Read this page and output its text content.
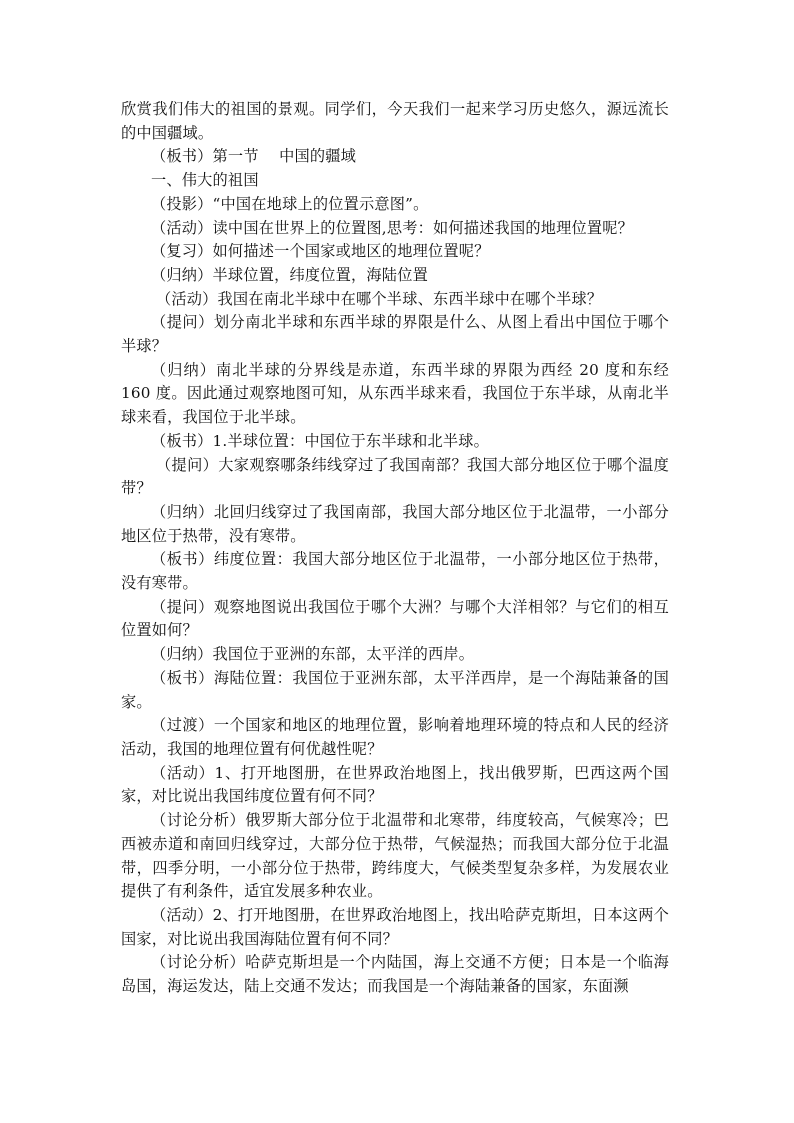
欣赏我们伟大的祖国的景观。同学们，今天我们一起来学习历史悠久，源远流长的中国疆域。

（板书）第一节　 中国的疆域

一、伟大的祖国

（投影）“中国在地球上的位置示意图”。

（活动）读中国在世界上的位置图,思考：如何描述我国的地理位置呢？

（复习）如何描述一个国家或地区的地理位置呢？

（归纳）半球位置，纬度位置，海陆位置

（活动）我国在南北半球中在哪个半球、东西半球中在哪个半球？

（提问）划分南北半球和东西半球的界限是什么、从图上看出中国位于哪个半球？

（归纳）南北半球的分界线是赤道，东西半球的界限为西经 20 度和东经 160 度。因此通过观察地图可知，从东西半球来看，我国位于东半球，从南北半球来看，我国位于北半球。

（板书）1.半球位置：中国位于东半球和北半球。

（提问）大家观察哪条纬线穿过了我国南部？我国大部分地区位于哪个温度带？

（归纳）北回归线穿过了我国南部，我国大部分地区位于北温带，一小部分地区位于热带，没有寒带。

（板书）纬度位置：我国大部分地区位于北温带，一小部分地区位于热带，没有寒带。

（提问）观察地图说出我国位于哪个大洲？与哪个大洋相邻？与它们的相互位置如何？

（归纳）我国位于亚洲的东部，太平洋的西岸。

（板书）海陆位置：我国位于亚洲东部，太平洋西岸，是一个海陆兼备的国家。

（过渡）一个国家和地区的地理位置，影响着地理环境的特点和人民的经济活动，我国的地理位置有何优越性呢？

（活动）1、打开地图册，在世界政治地图上，找出俄罗斯，巴西这两个国家，对比说出我国纬度位置有何不同？

（讨论分析）俄罗斯大部分位于北温带和北寒带，纬度较高，气候寒冷；巴西被赤道和南回归线穿过，大部分位于热带，气候湿热；而我国大部分位于北温带，四季分明，一小部分位于热带，跨纬度大，气候类型复杂多样，为发展农业提供了有利条件，适宜发展多种农业。

（活动）2、打开地图册，在世界政治地图上，找出哈萨克斯坦，日本这两个国家，对比说出我国海陆位置有何不同？

（讨论分析）哈萨克斯坦是一个内陆国，海上交通不方便；日本是一个临海岛国，海运发达，陆上交通不发达；而我国是一个海陆兼备的国家，东面濒
